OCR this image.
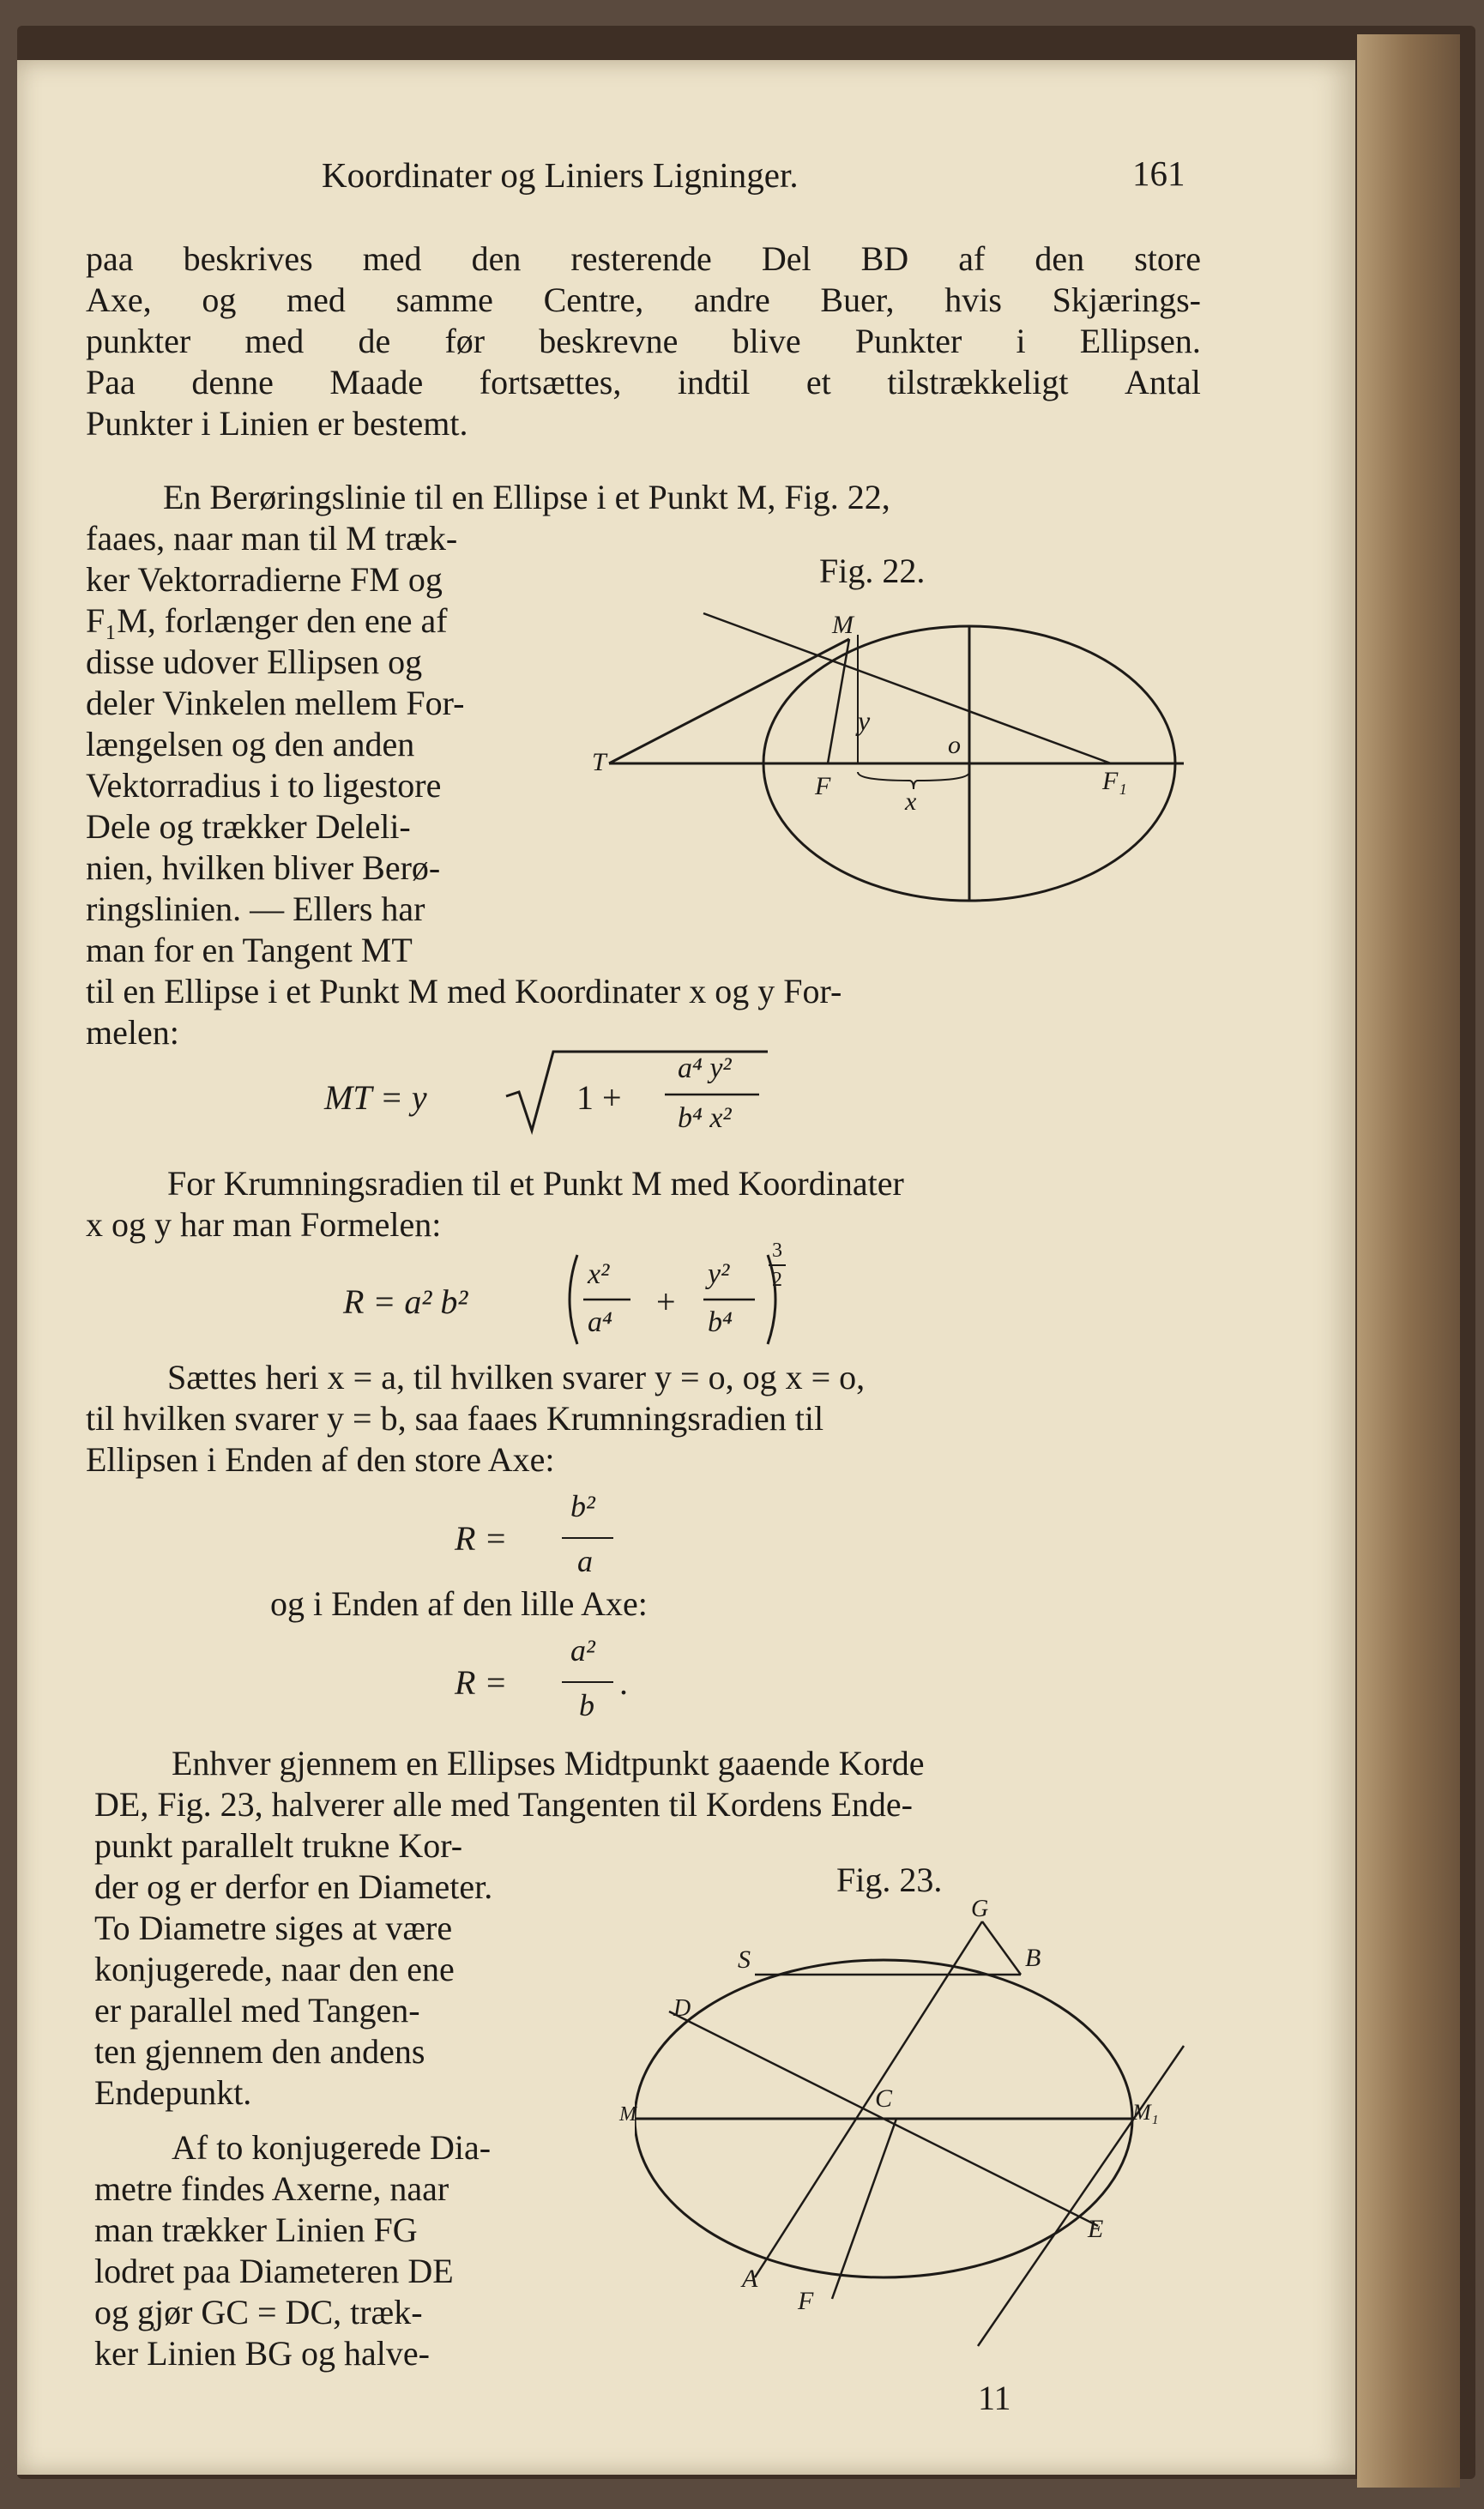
Koordinater og Liniers Ligninger.	161
paa beskrives med den resterende Del BD af den store
Axe, og med samme Centre, andre Buer, hvis Skjærings-
punkter med de før beskrevne blive Punkter i Ellipsen.
Paa denne Maade fortsættes, indtil et tilstrækkeligt Antal
Punkter i Linien er bestemt.
En Berøringslinie til en Ellipse i et Punkt M, Fig. 22,
faaes, naar man til M træk-
ker Vektorradierne FM og
F₁M, forlænger den ene af
disse udover Ellipsen og
deler Vinkelen mellem For-
længelsen og den anden
Vektorradius i to ligestore
Dele og trækker Deleli-
nien, hvilken bliver Berø-
ringslinien. — Ellers har
man for en Tangent MT
til en Ellipse i et Punkt M med Koordinater x og y For-
melen:
Fig. 22.
M
y
o
T
F
x
F₁
MT = y	1 +
a⁴ y²
b⁴ x²
For Krumningsradien til et Punkt M med Koordinater
x og y har man Formelen:
R = a² b²
x²
a⁴
+
y²
b⁴
3
2
Sættes heri x = a, til hvilken svarer y = o, og x = o,
til hvilken svarer y = b, saa faaes Krumningsradien til
Ellipsen i Enden af den store Axe:
R =
b²
a
og i Enden af den lille Axe:
R =
a²
b
.
Enhver gjennem en Ellipses Midtpunkt gaaende Korde
DE, Fig. 23, halverer alle med Tangenten til Kordens Ende-
punkt parallelt trukne Kor-
der og er derfor en Diameter.
To Diametre siges at være
konjugerede, naar den ene
er parallel med Tangen-
ten gjennem den andens
Endepunkt.
Af to konjugerede Dia-
metre findes Axerne, naar
man trækker Linien FG
lodret paa Diameteren DE
og gjør GC = DC, træk-
ker Linien BG og halve-
Fig. 23.
G
S	B
D
C
M	M₁
E
A
F
11
